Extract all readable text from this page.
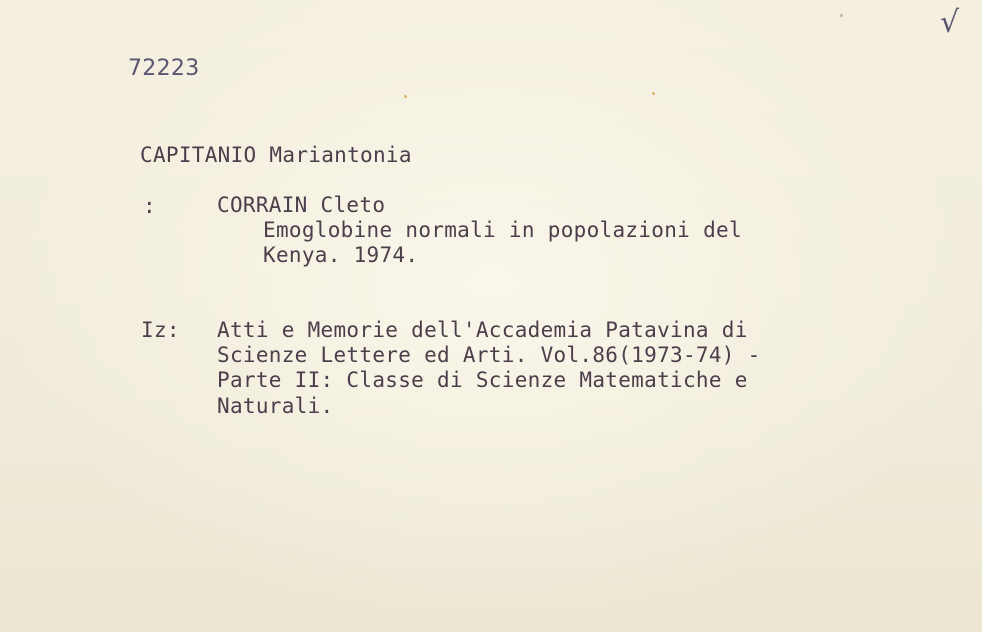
72223
√
CAPITANIO Mariantonia
:	CORRAIN Cleto
Emoglobine normali in popolazioni del
Kenya. 1974.
Iz: Atti e Memorie dell'Accademia Patavina di
Scienze Lettere ed Arti. Vol.86(1973-74) -
Parte II: Classe di Scienze Matematiche e
Naturali.
